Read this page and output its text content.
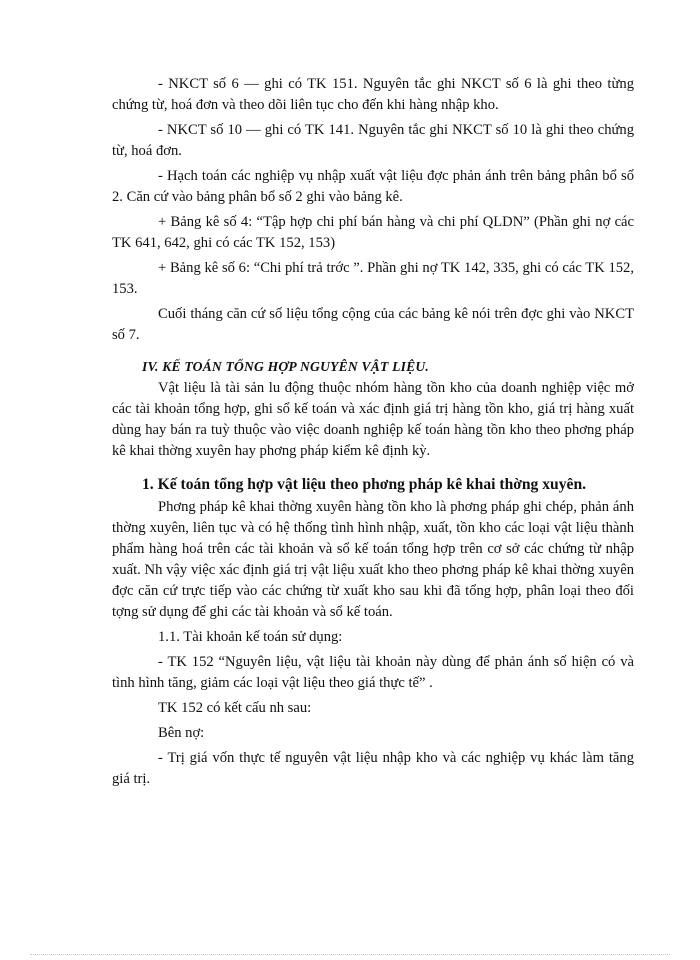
- NKCT số 6 — ghi có TK 151. Nguyên tắc ghi NKCT số 6 là ghi theo từng chứng từ, hoá đơn và theo dõi liên tục cho đến khi hàng nhập kho.

- NKCT số 10 — ghi có TK 141. Nguyên tắc ghi NKCT số 10 là ghi theo chứng từ, hoá đơn.

- Hạch toán các nghiệp vụ nhập xuất vật liệu đợc phản ánh trên bảng phân bổ số 2. Căn cứ vào bảng phân bổ số 2 ghi vào bảng kê.

+ Bảng kê số 4: “Tập hợp chi phí bán hàng và chi phí QLDN” (Phần ghi nợ các TK 641, 642, ghi có các TK 152, 153)

+ Bảng kê số 6: “Chi phí trả trớc ”. Phần ghi nợ TK 142, 335, ghi có các TK 152, 153.

Cuối tháng căn cứ số liệu tổng cộng của các bảng kê nói trên đợc ghi vào NKCT số 7.

IV. KẾ TOÁN TỔNG HỢP NGUYÊN VẬT LIỆU.

Vật liệu là tài sản lu động thuộc nhóm hàng tồn kho của doanh nghiệp việc mở các tài khoản tổng hợp, ghi sổ kế toán và xác định giá trị hàng tồn kho, giá trị hàng xuất dùng hay bán ra tuỳ thuộc vào việc doanh nghiệp kế toán hàng tồn kho theo phơng pháp kê khai thờng xuyên hay phơng pháp kiểm kê định kỳ.

1. Kế toán tổng hợp vật liệu theo phơng pháp kê khai thờng xuyên.

Phơng pháp kê khai thờng xuyên hàng tồn kho là phơng pháp ghi chép, phản ánh thờng xuyên, liên tục và có hệ thống tình hình nhập, xuất, tồn kho các loại vật liệu thành phẩm hàng hoá trên các tài khoản và sổ kế toán tổng hợp trên cơ sở các chứng từ nhập xuất. Nh vậy việc xác định giá trị vật liệu xuất kho theo phơng pháp kê khai thờng xuyên đợc căn cứ trực tiếp vào các chứng từ xuất kho sau khi đã tổng hợp, phân loại theo đối tợng sử dụng để ghi các tài khoản và sổ kế toán.

1.1. Tài khoản kế toán sử dụng:

- TK 152 “Nguyên liệu, vật liệu tài khoản này dùng để phản ánh số hiện có và tình hình tăng, giảm các loại vật liệu theo giá thực tế” .

TK 152 có kết cấu nh sau:

Bên nợ:

- Trị giá vốn thực tế nguyên vật liệu nhập kho và các nghiệp vụ khác làm tăng giá trị.
